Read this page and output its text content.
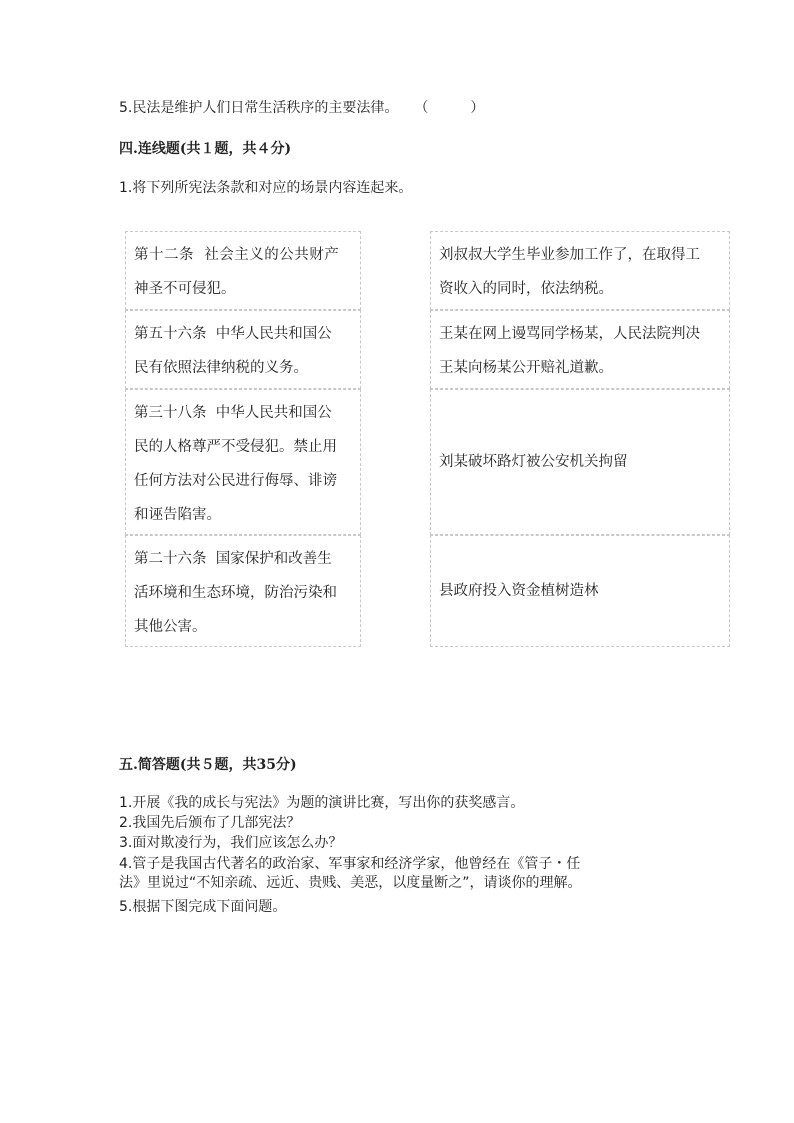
5.民法是维护人们日常生活秩序的主要法律。 （　　　）
四.连线题(共１题，共４分)
1.将下列所宪法条款和对应的场景内容连起来。
第十二条  社会主义的公共财产
神圣不可侵犯。
第五十六条  中华人民共和国公
民有依照法律纳税的义务。
第三十八条  中华人民共和国公
民的人格尊严不受侵犯。禁止用
任何方法对公民进行侮辱、诽谤
和诬告陷害。
第二十六条  国家保护和改善生
活环境和生态环境，防治污染和
其他公害。
刘叔叔大学生毕业参加工作了，在取得工
资收入的同时，依法纳税。
王某在网上谩骂同学杨某，人民法院判决
王某向杨某公开赔礼道歉。
刘某破坏路灯被公安机关拘留
县政府投入资金植树造林
五.简答题(共５题，共35分)
1.开展《我的成长与宪法》为题的演讲比赛，写出你的获奖感言。
2.我国先后颁布了几部宪法？
3.面对欺凌行为，我们应该怎么办？
4.管子是我国古代著名的政治家、军事家和经济学家，他曾经在《管子・任
法》里说过“不知亲疏、远近、贵贱、美恶，以度量断之”，请谈你的理解。
5.根据下图完成下面问题。
